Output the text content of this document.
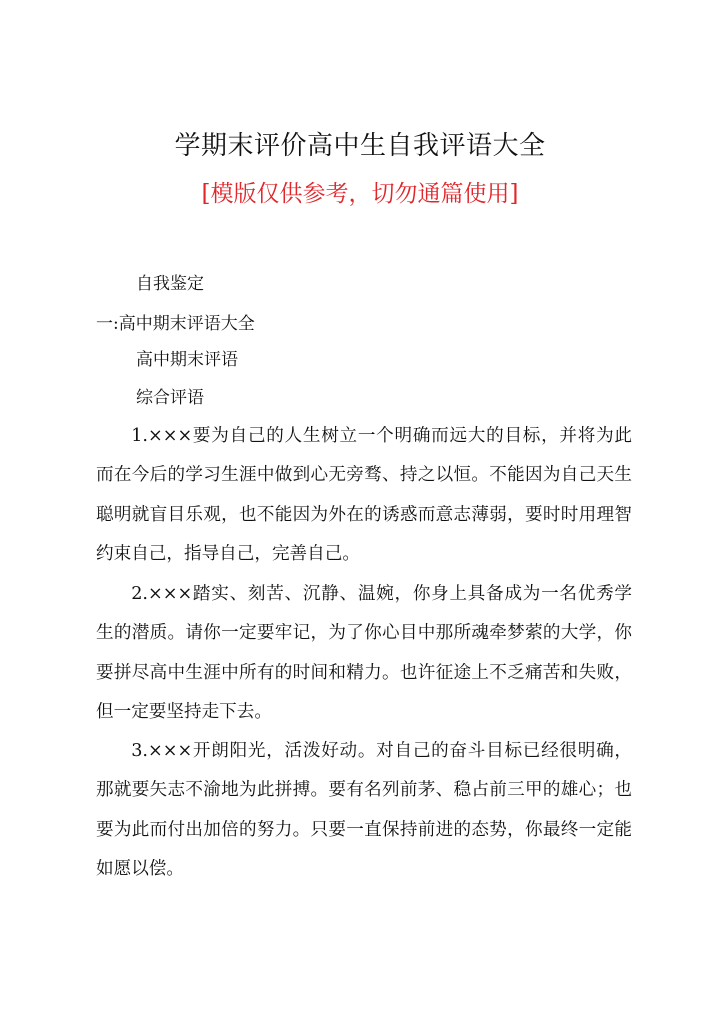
学期末评价高中生自我评语大全
[模版仅供参考，切勿通篇使用]
自我鉴定
一:高中期末评语大全
高中期末评语
综合评语

1.×××要为自己的人生树立一个明确而远大的目标，并将为此而在今后的学习生涯中做到心无旁骛、持之以恒。不能因为自己天生聪明就盲目乐观，也不能因为外在的诱惑而意志薄弱，要时时用理智约束自己，指导自己，完善自己。

2.×××踏实、刻苦、沉静、温婉，你身上具备成为一名优秀学生的潜质。请你一定要牢记，为了你心目中那所魂牵梦萦的大学，你要拼尽高中生涯中所有的时间和精力。也许征途上不乏痛苦和失败，但一定要坚持走下去。

3.×××开朗阳光，活泼好动。对自己的奋斗目标已经很明确，那就要矢志不渝地为此拼搏。要有名列前茅、稳占前三甲的雄心；也要为此而付出加倍的努力。只要一直保持前进的态势，你最终一定能如愿以偿。
